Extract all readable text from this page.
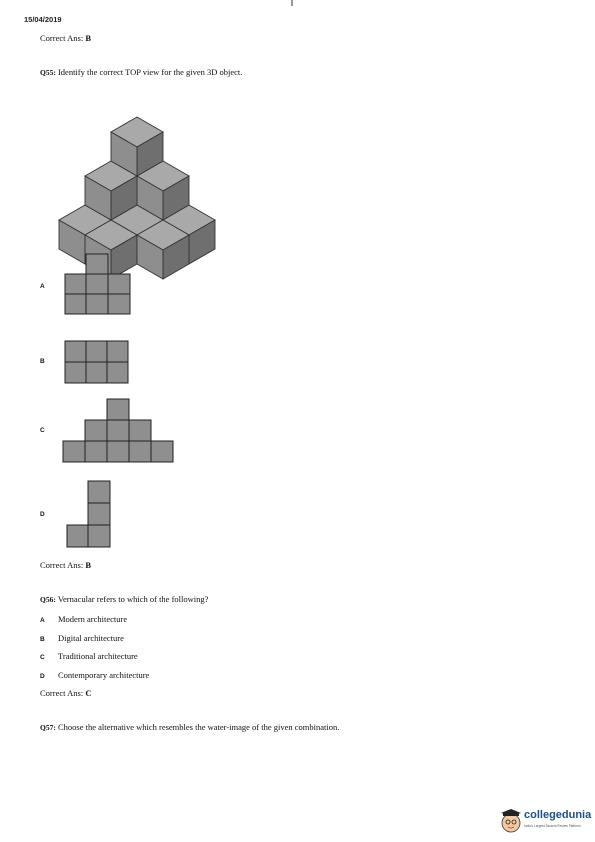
15/04/2019
Correct Ans: B
Q55: Identify the correct TOP view for the given 3D object.
A
B
C
D
Correct Ans: B
Q56: Vernacular refers to which of the following?
A Modern architecture
B Digital architecture
C Traditional architecture
D Contemporary architecture
Correct Ans: C
Q57: Choose the alternative which resembles the water-image of the given combination.
collegedunia
India's Largest Student Review Platform
